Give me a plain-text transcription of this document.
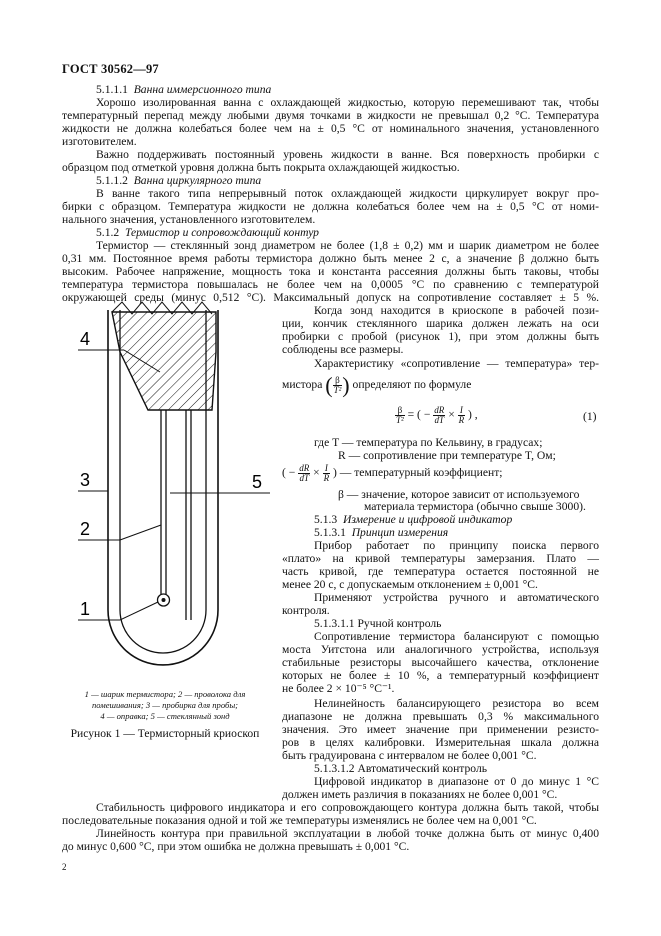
ГОСТ 30562—97
5.1.1.1 Ванна иммерсионного типа
Хорошо изолированная ванна с охлаждающей жидкостью, которую перемешивают так, чтобы
температурный перепад между любыми двумя точками в жидкости не превышал 0,2 °С. Температура
жидкости не должна колебаться более чем на ± 0,5 °С от номинального значения, установленного
изготовителем.
Важно поддерживать постоянный уровень жидкости в ванне. Вся поверхность пробирки с
образцом под отметкой уровня должна быть покрыта охлаждающей жидкостью.
5.1.1.2 Ванна циркулярного типа
В ванне такого типа непрерывный поток охлаждающей жидкости циркулирует вокруг про-
бирки с образцом. Температура жидкости не должна колебаться более чем на ± 0,5 °С от номи-
нального значения, установленного изготовителем.
5.1.2 Термистор и сопровождающий контур
Термистор — стеклянный зонд диаметром не более (1,8 ± 0,2) мм и шарик диаметром не более
0,31 мм. Постоянное время работы термистора должно быть менее 2 с, а значение β должно быть
высоким. Рабочее напряжение, мощность тока и константа рассеяния должны быть таковы, чтобы
температура термистора повышалась не более чем на 0,0005 °С по сравнению с температурой
окружающей среды (минус 0,512 °С). Максимальный допуск на сопротивление составляет ± 5 %.
Когда зонд находится в криоскопе в рабочей пози-
ции, кончик стеклянного шарика должен лежать на оси
пробирки с пробой (рисунок 1), при этом должны быть
соблюдены все размеры.
Характеристику «сопротивление — температура» тер-
мистора ( $\frac{\beta}{\text{T²}}$ ) определяют по формуле
$\frac{\beta}{\text{T²}}$ = ( − $\frac{dR}{dT} \times \frac{I}{R}$ ) ,	(1)
где T — температура по Кельвину, в градусах;
R — сопротивление при температуре T, Ом;
( − $\frac{dR}{dT} \times \frac{I}{R}$ ) — температурный коэффициент;
β — значение, которое зависит от используемого
материала термистора (обычно свыше 3000).
5.1.3 Измерение и цифровой индикатор
5.1.3.1 Принцип измерения
Прибор работает по принципу поиска первого
«плато» на кривой температуры замерзания. Плато —
часть кривой, где температура остается постоянной не
менее 20 с, с допускаемым отклонением ± 0,001 °С.
Применяют устройства ручного и автоматического
контроля.
5.1.3.1.1 Ручной контроль
Сопротивление термистора балансируют с помощью
моста Уитстона или аналогичного устройства, используя
стабильные резисторы высочайшего качества, отклонение
которых не более ± 10 %, а температурный коэффициент
не более 2 × 10⁻⁵ °С⁻¹.
Нелинейность балансирующего резистора во всем
диапазоне не должна превышать 0,3 % максимального
значения. Это имеет значение при применении резисто-
ров в целях калибровки. Измерительная шкала должна
быть градуирована с интервалом не более 0,001 °С.
5.1.3.1.2 Автоматический контроль
Цифровой индикатор в диапазоне от 0 до минус 1 °С
должен иметь различия в показаниях не более 0,001 °С.
Стабильность цифрового индикатора и его сопровождающего контура должна быть такой, чтобы
последовательные показания одной и той же температуры изменялись не более чем на 0,001 °С.
Линейность контура при правильной эксплуатации в любой точке должна быть от минус 0,400
до минус 0,600 °С, при этом ошибка не должна превышать ± 0,001 °С.
2
4
3	5
2
1
1 — шарик термистора; 2 — проволока для
помешивания; 3 — пробирка для пробы;
4 — оправка; 5 — стеклянный зонд
Рисунок 1 — Термисторный криоскоп
